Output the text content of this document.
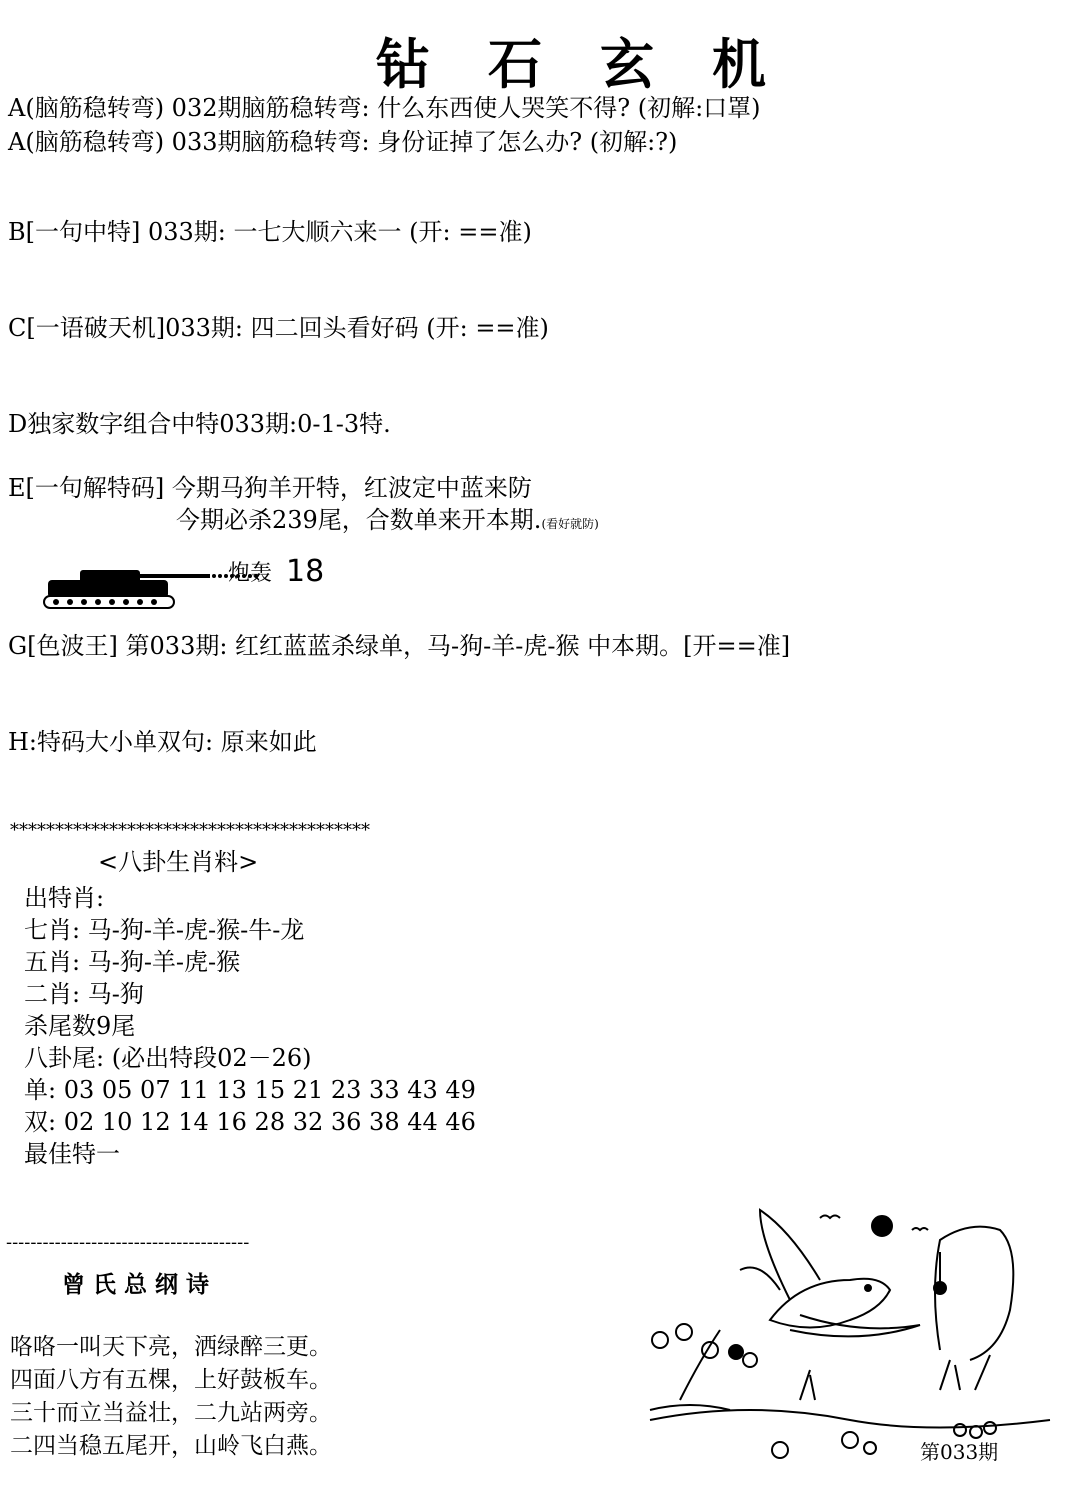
钻石玄机
A(脑筋稳转弯) 032期脑筋稳转弯: 什么东西使人哭笑不得? (初解:口罩)
A(脑筋稳转弯) 033期脑筋稳转弯: 身份证掉了怎么办? (初解:?)
B[一句中特] 033期: 一七大顺六来一 (开: ==准)
C[一语破天机]033期: 四二回头看好码 (开: ==准)
D独家数字组合中特033期:0-1-3特.
E[一句解特码] 今期马狗羊开特，红波定中蓝来防
今期必杀239尾，合数单来开本期.(看好就防)
炮轰 18
G[色波王] 第033期: 红红蓝蓝杀绿单，马-狗-羊-虎-猴 中本期。[开==准]
H:特码大小单双句: 原来如此
****************************************
<八卦生肖料>
出特肖:
七肖: 马-狗-羊-虎-猴-牛-龙
五肖: 马-狗-羊-虎-猴
二肖: 马-狗
杀尾数9尾
八卦尾: (必出特段02－26)
单: 03 05 07 11 13 15 21 23 33 43 49
双: 02 10 12 14 16 28 32 36 38 44 46
最佳特一
----------------------------------------
曾 氏 总 纲 诗
咯咯一叫天下亮，洒绿醉三更。
四面八方有五棵，上好鼓板车。
三十而立当益壮，二九站两旁。
二四当稳五尾开，山岭飞白燕。	第033期
